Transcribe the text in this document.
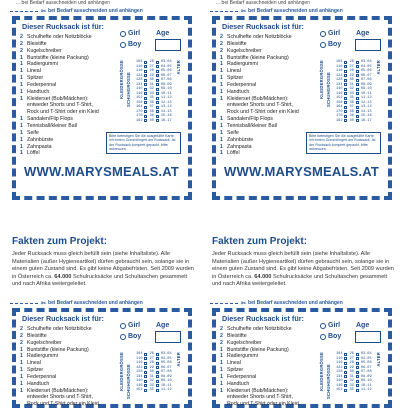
... bei Bedarf ausschneiden und anhängen
✂ bei Bedarf ausschneiden und anhängen
Dieser Rucksack ist für:
Girl
Boy
Age
2 Schulhefte oder Notizblöcke
2 Bleistifte
2 Kugelschreiber
1 Buntstifte (kleine Packung)
1 Radiergummi
1 Lineal
1 Spitzer
1 Federpennal
1 Handtuch
1 Kleiderset (Bub/Mädchen):
entweder Shorts und T-Shirt,
Rock und T-Shirt oder ein Kleid
1 Sandalen/Flip Flops
1 Tennisball/kleiner Ball
1 Seife
1 Zahnbürste
1 Zahnpasta
1 Löffel
KLEIDERGRÖSSE SCHUHGRÖSSE
ALTER
104 26 03-04
110 27 04-05
116 28 05-06
122 29 06-07
128 30 07-08
134 31 08-09
140 32 09-10
146 33 10-11
152 35 11-12
158 36 12-13
164 37 13-14
170 38 14-15
176 39 15-16
182 40 16-17
Bitte befestigen Sie die ausgefüllte Karte mit einem Gummiringerl am Rucksack. Ist der Rucksack komplett gepackt, bitte ankreuzen.
WWW.MARYSMEALS.AT
... bei Bedarf ausschneiden und anhängen
✂ bei Bedarf ausschneiden und anhängen
Dieser Rucksack ist für:
Girl
Boy
Age
2 Schulhefte oder Notizblöcke
2 Bleistifte
2 Kugelschreiber
1 Buntstifte (kleine Packung)
1 Radiergummi
1 Lineal
1 Spitzer
1 Federpennal
1 Handtuch
1 Kleiderset (Bub/Mädchen):
entweder Shorts und T-Shirt,
Rock und T-Shirt oder ein Kleid
1 Sandalen/Flip Flops
1 Tennisball/kleiner Ball
1 Seife
1 Zahnbürste
1 Zahnpasta
1 Löffel
KLEIDERGRÖSSE SCHUHGRÖSSE
ALTER
104 26 03-04
110 27 04-05
116 28 05-06
122 29 06-07
128 30 07-08
134 31 08-09
140 32 09-10
146 33 10-11
152 35 11-12
158 36 12-13
164 37 13-14
170 38 14-15
176 39 15-16
182 40 16-17
Bitte befestigen Sie die ausgefüllte Karte mit einem Gummiringerl am Rucksack. Ist der Rucksack komplett gepackt, bitte ankreuzen.
WWW.MARYSMEALS.AT
Fakten zum Projekt:
Jeder Rucksack muss gleich befüllt sein (siehe Inhaltsliste). Alle Materialien (außer Hygieneartikel) dürfen gebraucht sein, solange sie in einem guten Zustand sind. Es gibt keine Abgabefristen. Seit 2009 wurden in Österreich ca. 64.000 Schulrucksäcke und Schultaschen gesammelt und nach Afrika weitergeleitet.
✂ bei Bedarf ausschneiden und anhängen
Dieser Rucksack ist für:
Girl
Boy
Age
2 Schulhefte oder Notizblöcke
2 Bleistifte
2 Kugelschreiber
1 Buntstifte (kleine Packung)
1 Radiergummi
1 Lineal
1 Spitzer
1 Federpennal
1 Handtuch
1 Kleiderset (Bub/Mädchen):
entweder Shorts und T-Shirt,
Rock und T-Shirt oder ein Kleid
KLEIDERGRÖSSE SCHUHGRÖSSE
ALTER
104 26 03-04
110 27 04-05
116 28 05-06
122 29 06-07
128 30 07-08
134 31 08-09
140 32 09-10
146 33 10-11
152 35 11-12
Fakten zum Projekt:
Jeder Rucksack muss gleich befüllt sein (siehe Inhaltsliste). Alle Materialien (außer Hygieneartikel) dürfen gebraucht sein, solange sie in einem guten Zustand sind. Es gibt keine Abgabefristen. Seit 2009 wurden in Österreich ca. 64.000 Schulrucksäcke und Schultaschen gesammelt und nach Afrika weitergeleitet.
✂ bei Bedarf ausschneiden und anhängen
Dieser Rucksack ist für:
Girl
Boy
Age
2 Schulhefte oder Notizblöcke
2 Bleistifte
2 Kugelschreiber
1 Buntstifte (kleine Packung)
1 Radiergummi
1 Lineal
1 Spitzer
1 Federpennal
1 Handtuch
1 Kleiderset (Bub/Mädchen):
entweder Shorts und T-Shirt,
Rock und T-Shirt oder ein Kleid
KLEIDERGRÖSSE SCHUHGRÖSSE
ALTER
104 26 03-04
110 27 04-05
116 28 05-06
122 29 06-07
128 30 07-08
134 31 08-09
140 32 09-10
146 33 10-11
152 35 11-12
